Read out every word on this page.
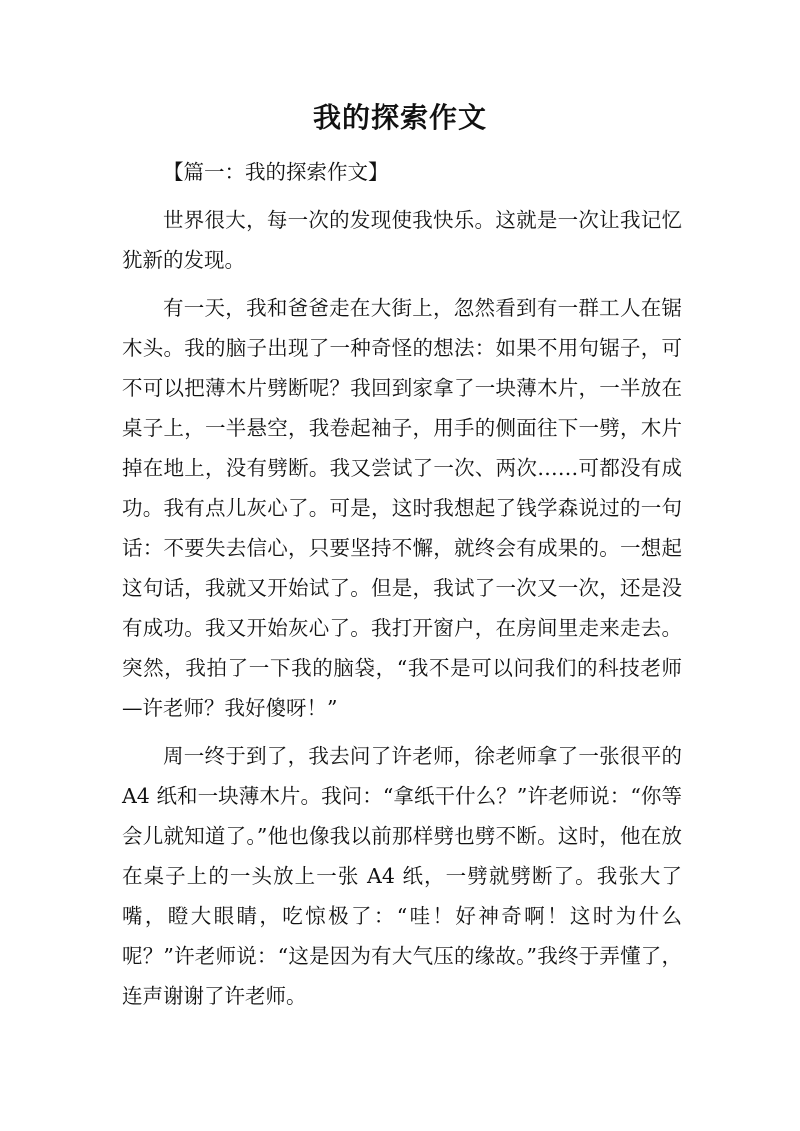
我的探索作文

【篇一：我的探索作文】

世界很大，每一次的发现使我快乐。这就是一次让我记忆犹新的发现。

有一天，我和爸爸走在大街上，忽然看到有一群工人在锯木头。我的脑子出现了一种奇怪的想法：如果不用句锯子，可不可以把薄木片劈断呢？我回到家拿了一块薄木片，一半放在桌子上，一半悬空，我卷起袖子，用手的侧面往下一劈，木片掉在地上，没有劈断。我又尝试了一次、两次……可都没有成功。我有点儿灰心了。可是，这时我想起了钱学森说过的一句话：不要失去信心，只要坚持不懈，就终会有成果的。一想起这句话，我就又开始试了。但是，我试了一次又一次，还是没有成功。我又开始灰心了。我打开窗户，在房间里走来走去。突然，我拍了一下我的脑袋，“我不是可以问我们的科技老师—许老师？我好傻呀！”

周一终于到了，我去问了许老师，徐老师拿了一张很平的 A4 纸和一块薄木片。我问：“拿纸干什么？”许老师说：“你等会儿就知道了。”他也像我以前那样劈也劈不断。这时，他在放在桌子上的一头放上一张 A4 纸，一劈就劈断了。我张大了嘴，瞪大眼睛，吃惊极了：“哇！好神奇啊！这时为什么呢？”许老师说：“这是因为有大气压的缘故。”我终于弄懂了，连声谢谢了许老师。
